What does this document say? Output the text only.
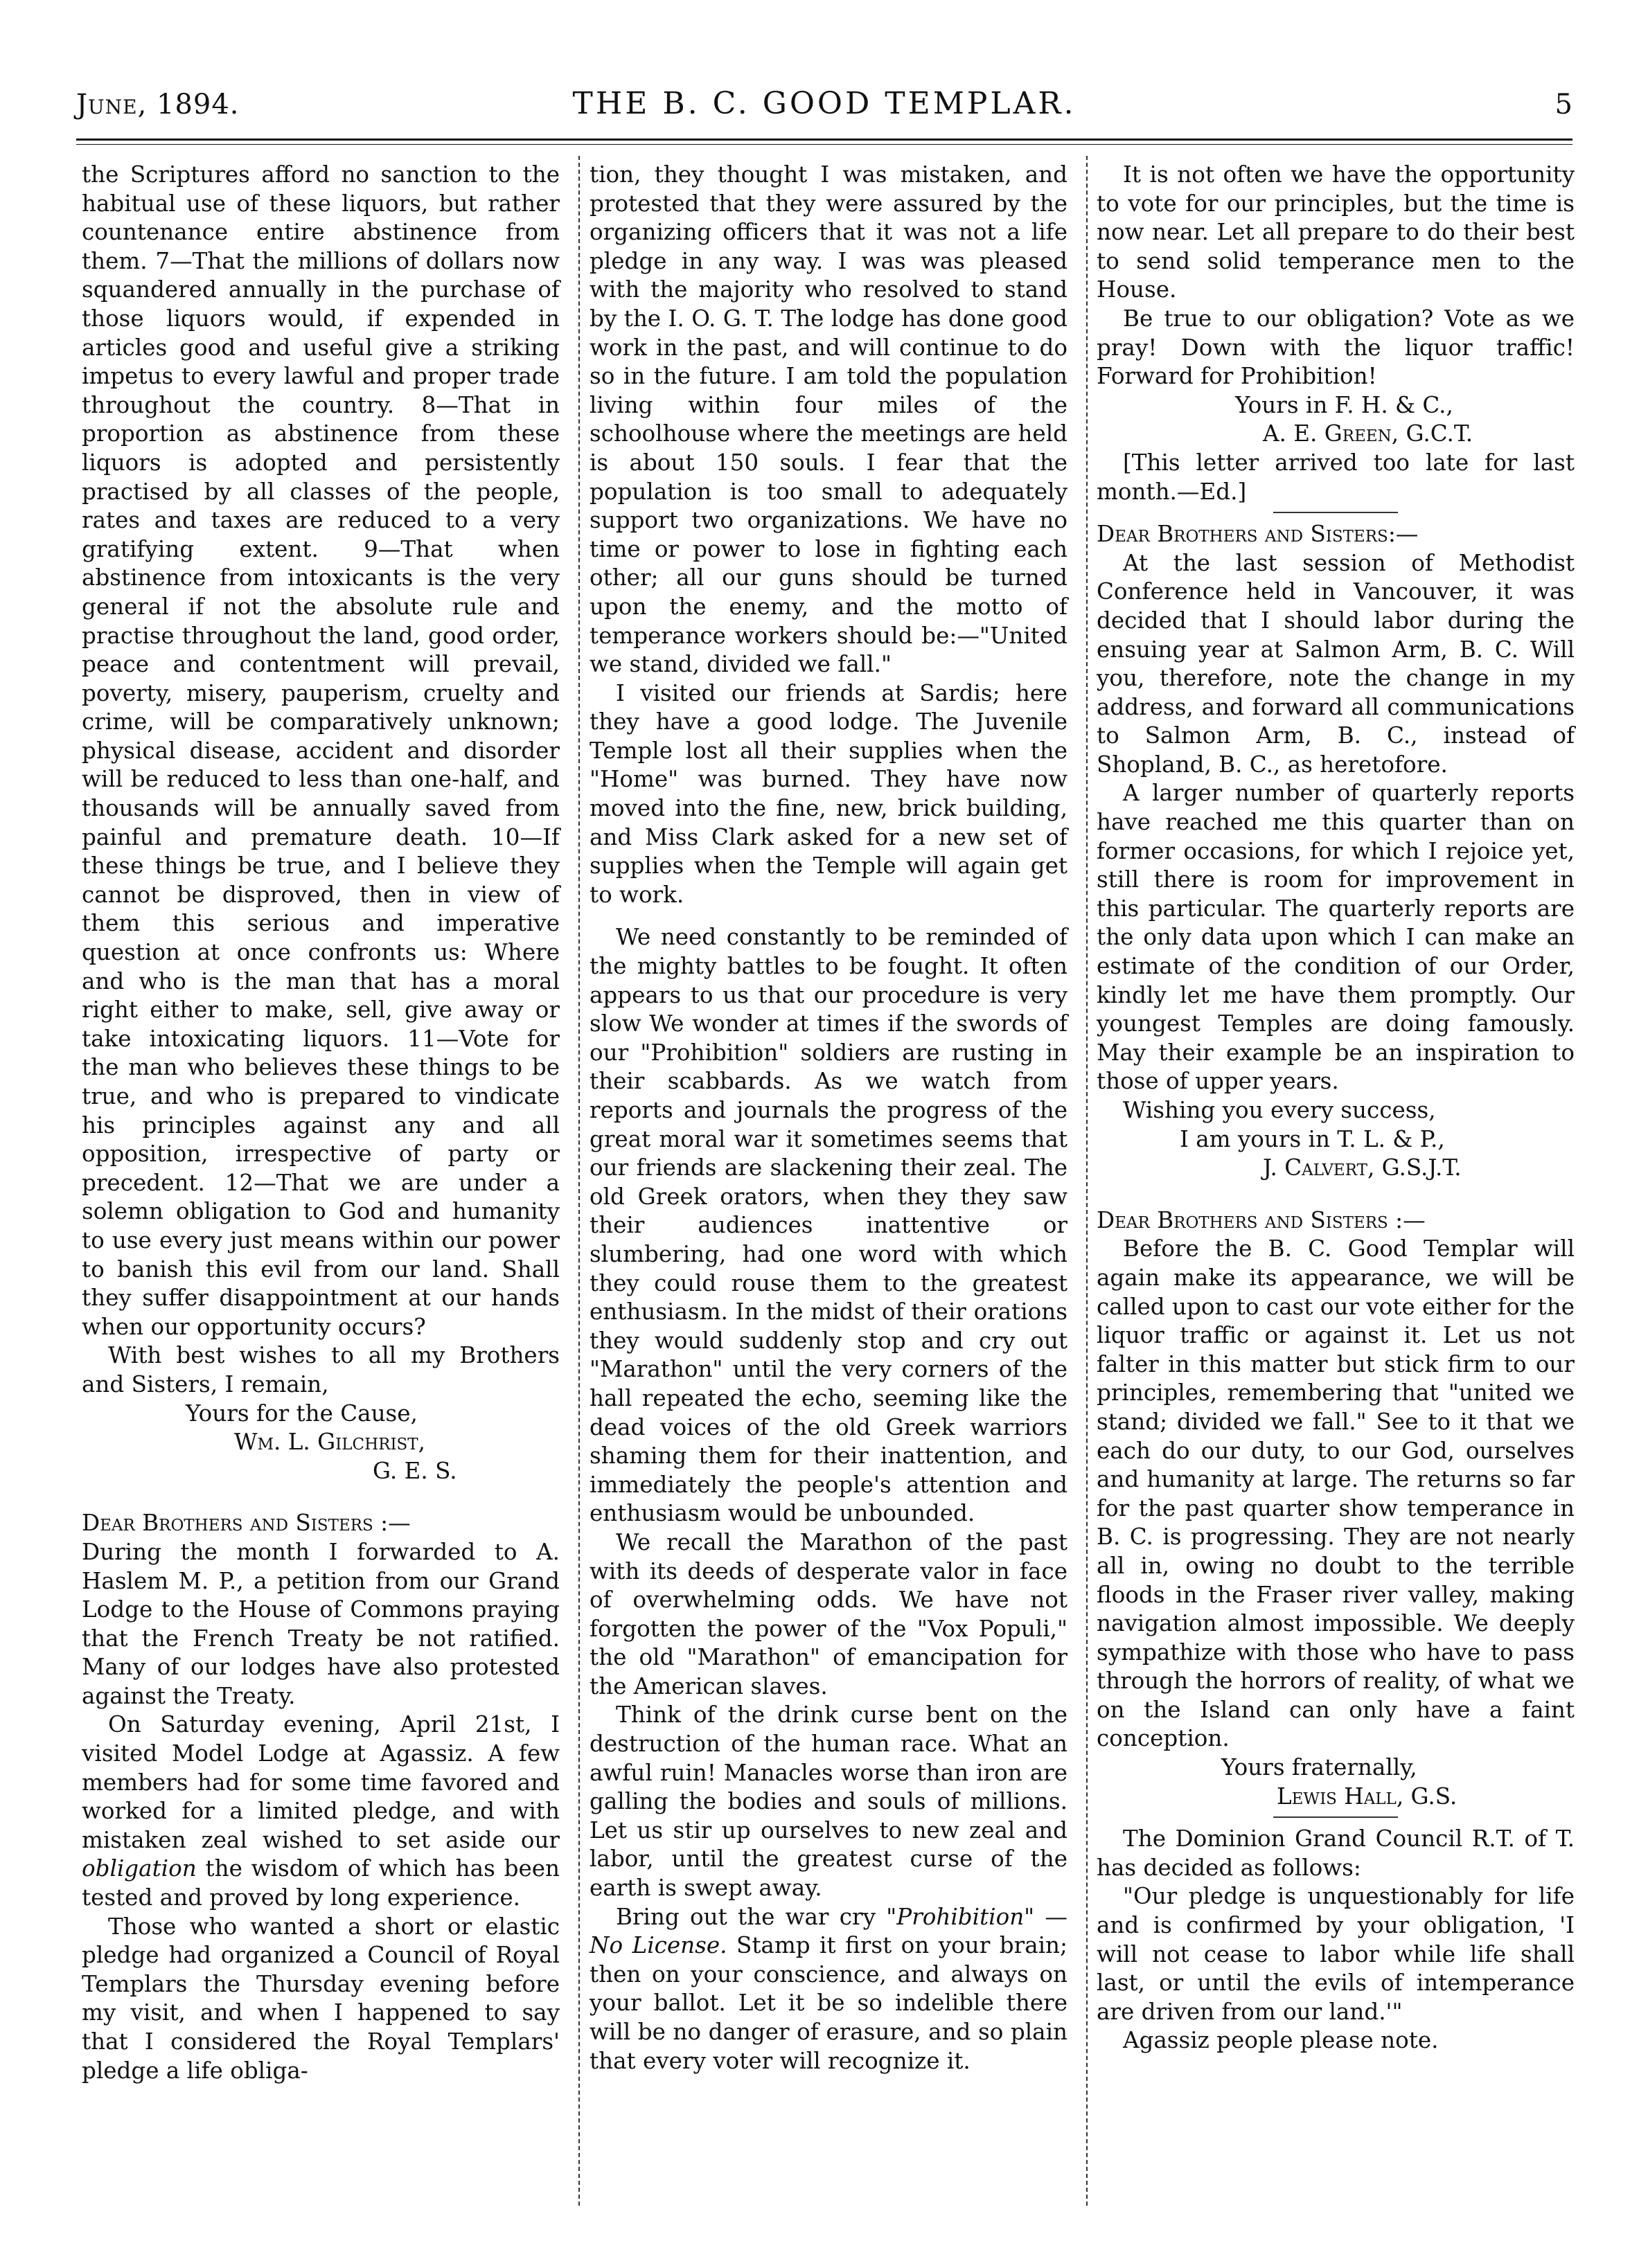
June, 1894.	THE B. C. GOOD TEMPLAR.	5

the Scriptures afford no sanction to the habitual use of these liquors, but rather countenance entire abstinence from them. 7—That the millions of dollars now squandered annually in the purchase of those liquors would, if expended in articles good and useful give a striking impetus to every lawful and proper trade throughout the country. 8—That in proportion as abstinence from these liquors is adopted and persistently practised by all classes of the people, rates and taxes are reduced to a very gratifying extent. 9—That when abstinence from intoxicants is the very general if not the absolute rule and practise throughout the land, good order, peace and contentment will prevail, poverty, misery, pauperism, cruelty and crime, will be comparatively unknown; physical disease, accident and disorder will be reduced to less than one-half, and thousands will be annually saved from painful and premature death. 10—If these things be true, and I believe they cannot be disproved, then in view of them this serious and imperative question at once confronts us: Where and who is the man that has a moral right either to make, sell, give away or take intoxicating liquors. 11—Vote for the man who believes these things to be true, and who is prepared to vindicate his principles against any and all opposition, irrespective of party or precedent. 12—That we are under a solemn obligation to God and humanity to use every just means within our power to banish this evil from our land. Shall they suffer disappointment at our hands when our opportunity occurs?

With best wishes to all my Brothers and Sisters, I remain,

Yours for the Cause,

Wm. L. Gilchrist,

G. E. S.

Dear Brothers and Sisters :—

During the month I forwarded to A. Haslem M. P., a petition from our Grand Lodge to the House of Commons praying that the French Treaty be not ratified. Many of our lodges have also protested against the Treaty.

On Saturday evening, April 21st, I visited Model Lodge at Agassiz. A few members had for some time favored and worked for a limited pledge, and with mistaken zeal wished to set aside our obligation the wisdom of which has been tested and proved by long experience.

Those who wanted a short or elastic pledge had organized a Council of Royal Templars the Thursday evening before my visit, and when I happened to say that I considered the Royal Templars' pledge a life obliga-

tion, they thought I was mistaken, and protested that they were assured by the organizing officers that it was not a life pledge in any way. I was was pleased with the majority who resolved to stand by the I. O. G. T. The lodge has done good work in the past, and will continue to do so in the future. I am told the population living within four miles of the schoolhouse where the meetings are held is about 150 souls. I fear that the population is too small to adequately support two organizations. We have no time or power to lose in fighting each other; all our guns should be turned upon the enemy, and the motto of temperance workers should be:—"United we stand, divided we fall."

I visited our friends at Sardis; here they have a good lodge. The Juvenile Temple lost all their supplies when the "Home" was burned. They have now moved into the fine, new, brick building, and Miss Clark asked for a new set of supplies when the Temple will again get to work.

We need constantly to be reminded of the mighty battles to be fought. It often appears to us that our procedure is very slow We wonder at times if the swords of our "Prohibition" soldiers are rusting in their scabbards. As we watch from reports and journals the progress of the great moral war it sometimes seems that our friends are slackening their zeal. The old Greek orators, when they they saw their audiences inattentive or slumbering, had one word with which they could rouse them to the greatest enthusiasm. In the midst of their orations they would suddenly stop and cry out "Marathon" until the very corners of the hall repeated the echo, seeming like the dead voices of the old Greek warriors shaming them for their inattention, and immediately the people's attention and enthusiasm would be unbounded.

We recall the Marathon of the past with its deeds of desperate valor in face of overwhelming odds. We have not forgotten the power of the "Vox Populi," the old "Marathon" of emancipation for the American slaves.

Think of the drink curse bent on the destruction of the human race. What an awful ruin! Manacles worse than iron are galling the bodies and souls of millions. Let us stir up ourselves to new zeal and labor, until the greatest curse of the earth is swept away.

Bring out the war cry "Prohibition" —No License. Stamp it first on your brain; then on your conscience, and always on your ballot. Let it be so indelible there will be no danger of erasure, and so plain that every voter will recognize it.

It is not often we have the opportunity to vote for our principles, but the time is now near. Let all prepare to do their best to send solid temperance men to the House.

Be true to our obligation? Vote as we pray! Down with the liquor traffic! Forward for Prohibition!

Yours in F. H. & C.,

A. E. Green, G.C.T.

[This letter arrived too late for last month.—Ed.]

Dear Brothers and Sisters:—

At the last session of Methodist Conference held in Vancouver, it was decided that I should labor during the ensuing year at Salmon Arm, B. C. Will you, therefore, note the change in my address, and forward all communications to Salmon Arm, B. C., instead of Shopland, B. C., as heretofore.

A larger number of quarterly reports have reached me this quarter than on former occasions, for which I rejoice yet, still there is room for improvement in this particular. The quarterly reports are the only data upon which I can make an estimate of the condition of our Order, kindly let me have them promptly. Our youngest Temples are doing famously. May their example be an inspiration to those of upper years.

Wishing you every success,

I am yours in T. L. & P.,

J. Calvert, G.S.J.T.

Dear Brothers and Sisters :—

Before the B. C. Good Templar will again make its appearance, we will be called upon to cast our vote either for the liquor traffic or against it. Let us not falter in this matter but stick firm to our principles, remembering that "united we stand; divided we fall." See to it that we each do our duty, to our God, ourselves and humanity at large. The returns so far for the past quarter show temperance in B. C. is progressing. They are not nearly all in, owing no doubt to the terrible floods in the Fraser river valley, making navigation almost impossible. We deeply sympathize with those who have to pass through the horrors of reality, of what we on the Island can only have a faint conception.

Yours fraternally,

Lewis Hall, G.S.

The Dominion Grand Council R.T. of T. has decided as follows:

"Our pledge is unquestionably for life and is confirmed by your obligation, 'I will not cease to labor while life shall last, or until the evils of intemperance are driven from our land.'"

Agassiz people please note.
